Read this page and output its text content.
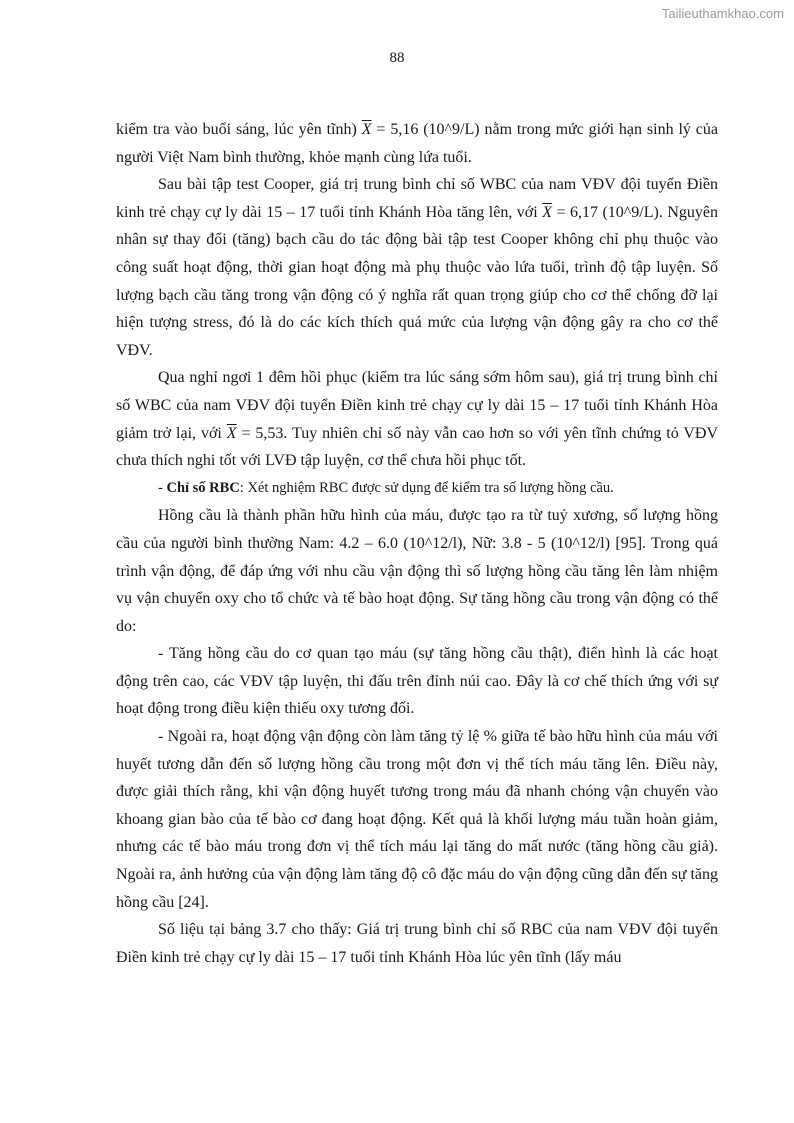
Tailieuthamkhao.com
88

kiểm tra vào buổi sáng, lúc yên tĩnh) $\overline{X} = 5,16$ (10^9/L) nằm trong mức giới hạn sinh lý của người Việt Nam bình thường, khỏe mạnh cùng lứa tuổi.

Sau bài tập test Cooper, giá trị trung bình chỉ số WBC của nam VĐV đội tuyển Điền kinh trẻ chạy cự ly dài 15 – 17 tuổi tỉnh Khánh Hòa tăng lên, với $\overline{X} = 6,17$ (10^9/L). Nguyên nhân sự thay đổi (tăng) bạch cầu do tác động bài tập test Cooper không chỉ phụ thuộc vào công suất hoạt động, thời gian hoạt động mà phụ thuộc vào lứa tuổi, trình độ tập luyện. Số lượng bạch cầu tăng trong vận động có ý nghĩa rất quan trọng giúp cho cơ thể chống đỡ lại hiện tượng stress, đó là do các kích thích quá mức của lượng vận động gây ra cho cơ thể VĐV.

Qua nghỉ ngơi 1 đêm hồi phục (kiểm tra lúc sáng sớm hôm sau), giá trị trung bình chỉ số WBC của nam VĐV đội tuyển Điền kinh trẻ chạy cự ly dài 15 – 17 tuổi tỉnh Khánh Hòa giảm trở lại, với $\overline{X} = 5,53$. Tuy nhiên chỉ số này vẫn cao hơn so với yên tĩnh chứng tỏ VĐV chưa thích nghi tốt với LVĐ tập luyện, cơ thể chưa hồi phục tốt.

- Chỉ số RBC: Xét nghiệm RBC được sử dụng để kiểm tra số lượng hồng cầu.

Hồng cầu là thành phần hữu hình của máu, được tạo ra từ tuỷ xương, số lượng hồng cầu của người bình thường Nam: 4.2 – 6.0 (10^12/l), Nữ: 3.8 - 5 (10^12/l) [95]. Trong quá trình vận động, để đáp ứng với nhu cầu vận động thì số lượng hồng cầu tăng lên làm nhiệm vụ vận chuyển oxy cho tổ chức và tế bào hoạt động. Sự tăng hồng cầu trong vận động có thể do:

- Tăng hồng cầu do cơ quan tạo máu (sự tăng hồng cầu thật), điển hình là các hoạt động trên cao, các VĐV tập luyện, thi đấu trên đỉnh núi cao. Đây là cơ chế thích ứng với sự hoạt động trong điều kiện thiếu oxy tương đối.

- Ngoài ra, hoạt động vận động còn làm tăng tỷ lệ % giữa tế bào hữu hình của máu với huyết tương dẫn đến số lượng hồng cầu trong một đơn vị thể tích máu tăng lên. Điều này, được giải thích rằng, khi vận động huyết tương trong máu đã nhanh chóng vận chuyển vào khoang gian bào của tế bào cơ đang hoạt động. Kết quả là khối lượng máu tuần hoàn giảm, nhưng các tế bào máu trong đơn vị thể tích máu lại tăng do mất nước (tăng hồng cầu giả). Ngoài ra, ảnh hưởng của vận động làm tăng độ cô đặc máu do vận động cũng dẫn đến sự tăng hồng cầu [24].

Số liệu tại bảng 3.7 cho thấy: Giá trị trung bình chỉ số RBC của nam VĐV đội tuyển Điền kinh trẻ chạy cự ly dài 15 – 17 tuổi tỉnh Khánh Hòa lúc yên tĩnh (lấy máu
